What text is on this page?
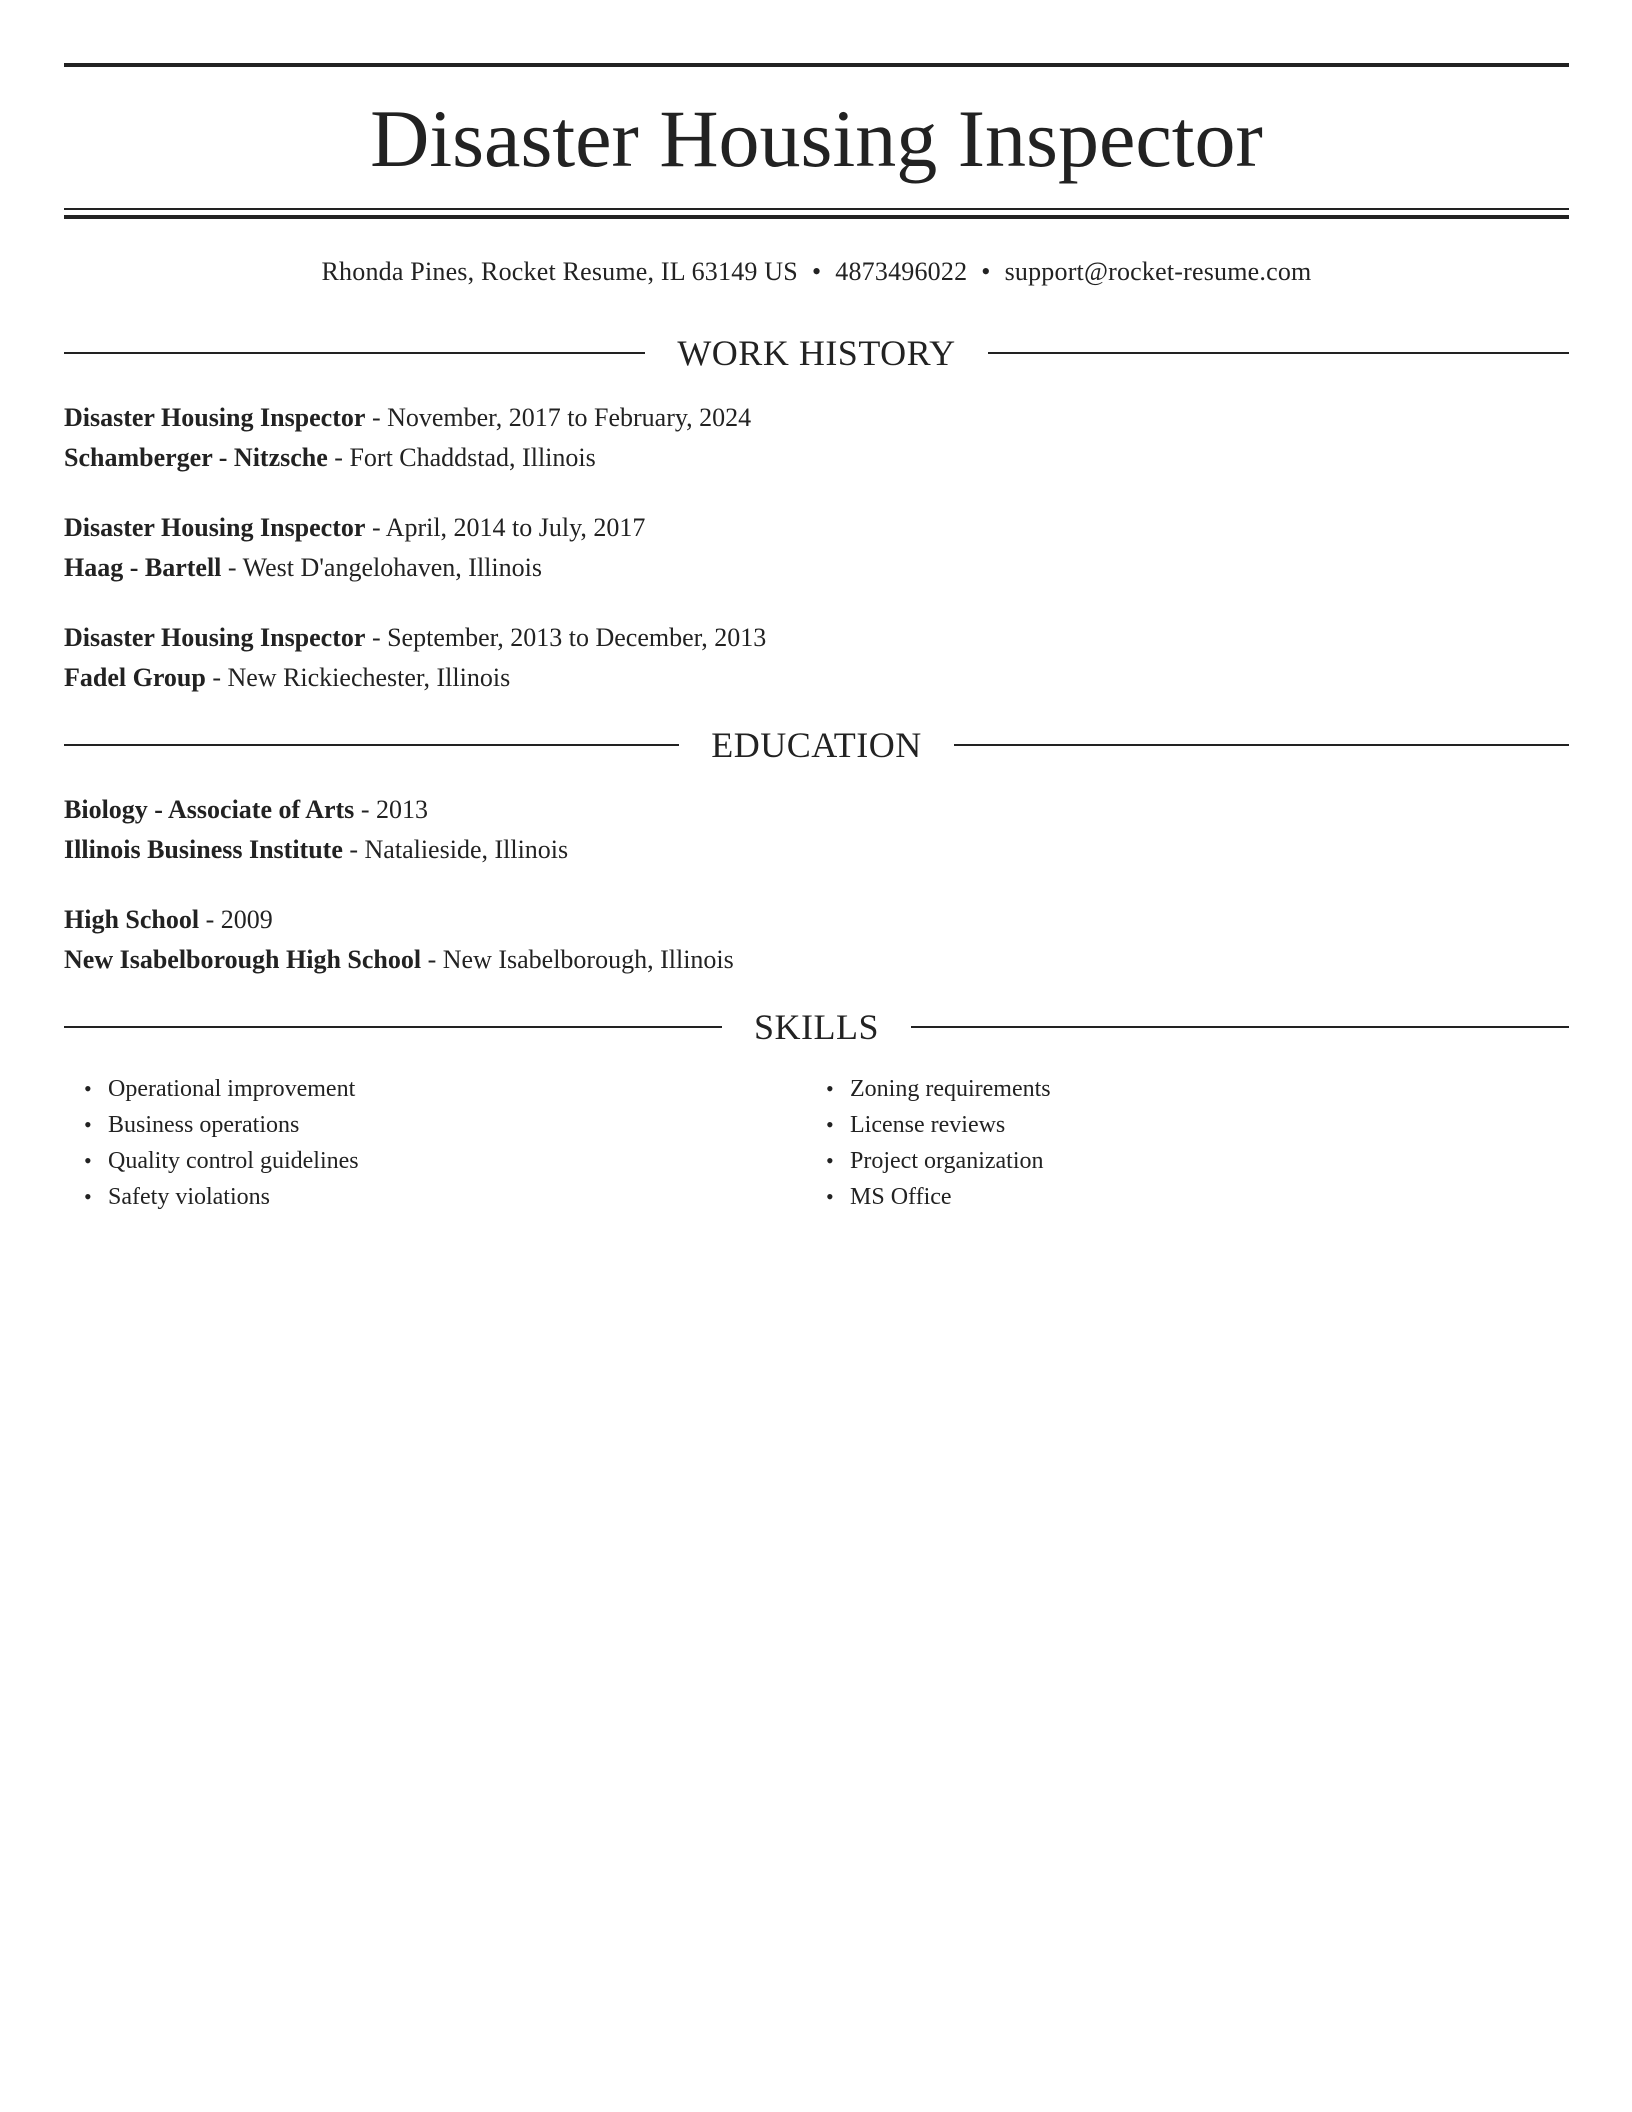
Disaster Housing Inspector
Rhonda Pines, Rocket Resume, IL 63149 US • 4873496022 • support@rocket-resume.com
WORK HISTORY
Disaster Housing Inspector - November, 2017 to February, 2024
Schamberger - Nitzsche - Fort Chaddstad, Illinois
Disaster Housing Inspector - April, 2014 to July, 2017
Haag - Bartell - West D'angelohaven, Illinois
Disaster Housing Inspector - September, 2013 to December, 2013
Fadel Group - New Rickiechester, Illinois
EDUCATION
Biology - Associate of Arts - 2013
Illinois Business Institute - Natalieside, Illinois
High School - 2009
New Isabelborough High School - New Isabelborough, Illinois
SKILLS
• Operational improvement
• Business operations
• Quality control guidelines
• Safety violations
• Zoning requirements
• License reviews
• Project organization
• MS Office
